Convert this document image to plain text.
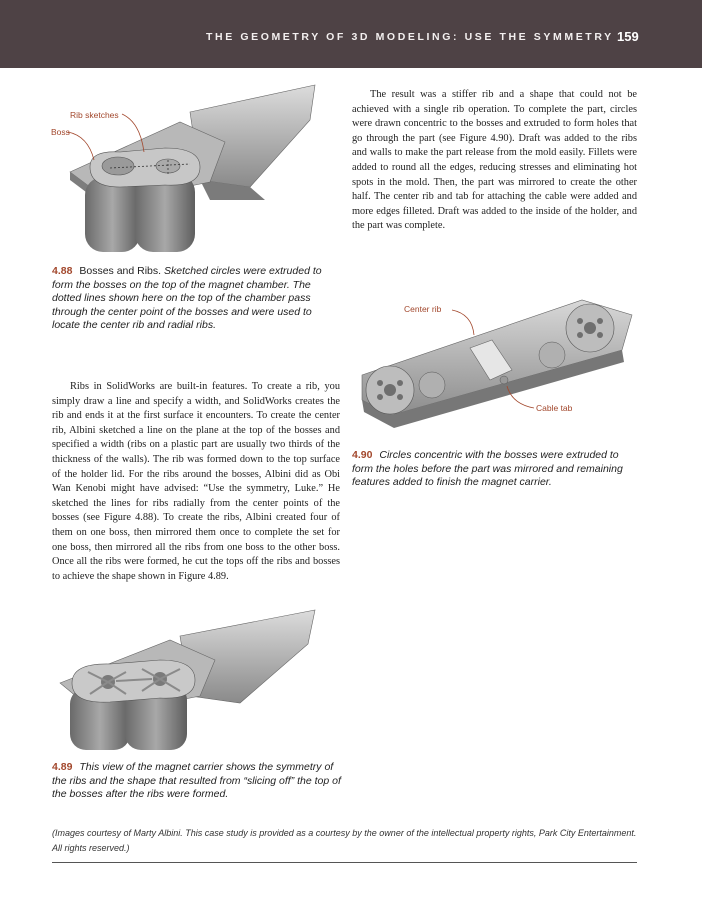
THE GEOMETRY OF 3D MODELING: USE THE SYMMETRY 159
Rib sketches
Boss

The result was a stiffer rib and a shape that could not be achieved with a single rib operation. To complete the part, circles were drawn concentric to the bosses and extruded to form holes that go through the part (see Figure 4.90). Draft was added to the ribs and walls to make the part release from the mold easily. Fillets were added to round all the edges, reducing stresses and eliminating hot spots in the mold. Then, the part was mirrored to create the other half. The center rib and tab for attaching the cable were added and more edges filleted. Draft was added to the inside of the holder, and the part was complete.

4.88 Bosses and Ribs. Sketched circles were extruded to form the bosses on the top of the magnet chamber. The dotted lines shown here on the top of the chamber pass through the center point of the bosses and were used to locate the center rib and radial ribs.

Center rib
Cable tab

4.90 Circles concentric with the bosses were extruded to form the holes before the part was mirrored and remaining features added to finish the magnet carrier.

Ribs in SolidWorks are built-in features. To create a rib, you simply draw a line and specify a width, and SolidWorks creates the rib and ends it at the first surface it encounters. To create the center rib, Albini sketched a line on the plane at the top of the bosses and specified a width (ribs on a plastic part are usually two thirds of the thickness of the walls). The rib was formed down to the top surface of the holder lid. For the ribs around the bosses, Albini did as Obi Wan Kenobi might have advised: “Use the symmetry, Luke.” He sketched the lines for ribs radially from the center points of the bosses (see Figure 4.88). To create the ribs, Albini created four of them on one boss, then mirrored them once to complete the set for one boss, then mirrored all the ribs from one boss to the other boss. Once all the ribs were formed, he cut the tops off the ribs and bosses to achieve the shape shown in Figure 4.89.

4.89 This view of the magnet carrier shows the symmetry of the ribs and the shape that resulted from “slicing off” the top of the bosses after the ribs were formed.

(Images courtesy of Marty Albini. This case study is provided as a courtesy by the owner of the intellectual property rights, Park City Entertainment. All rights reserved.)
